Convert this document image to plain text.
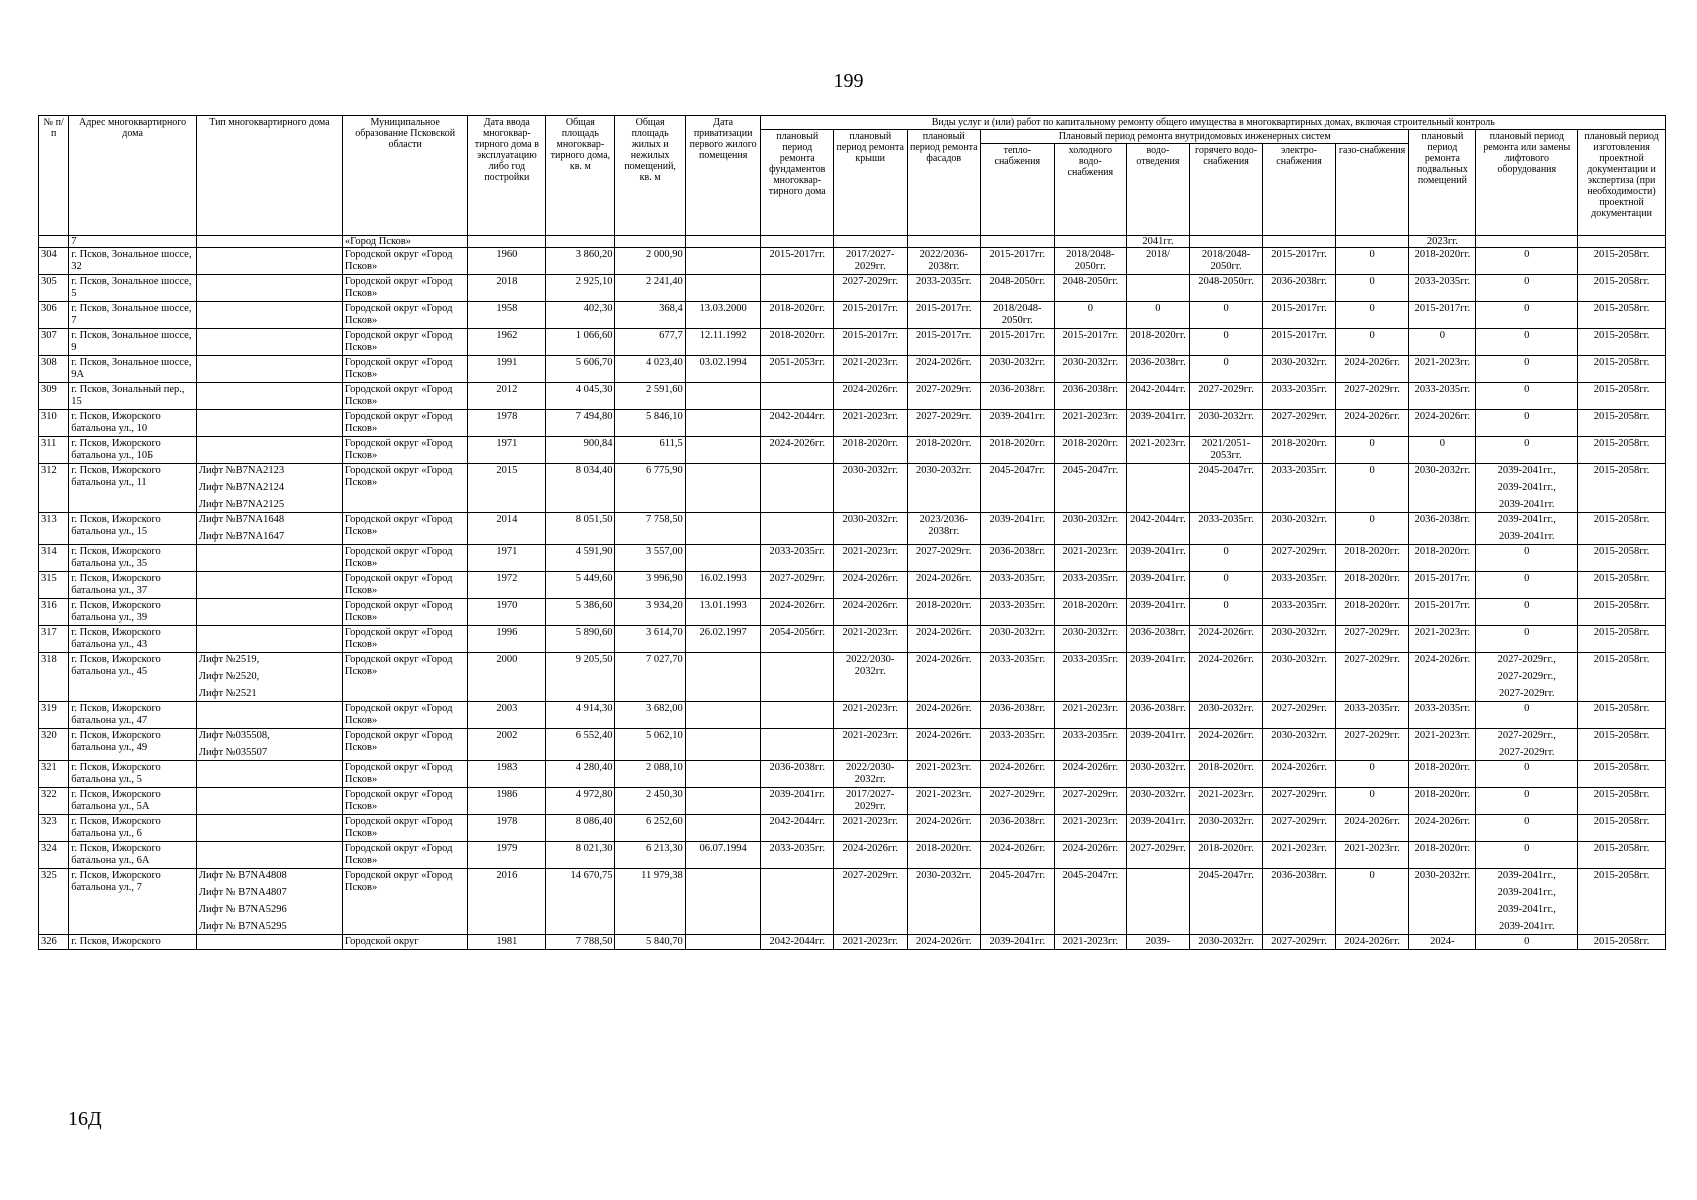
199
№ п/п	Адрес многоквартирного дома	Тип многоквартирного дома	Муниципальное образование Псковской области	Дата ввода многоквар-тирного дома в эксплуатацию либо год постройки	Общая площадь многоквар-тирного дома, кв. м	Общая площадь жилых и нежилых помещений, кв. м	Дата приватизации первого жилого помещения	Виды услуг и (или) работ по капитальному ремонту общего имущества в многоквартирных домах, включая строительный контроль											
								плановый период ремонта фундаментов многоквар-тирного дома	плановый период ремонта крыши	плановый период ремонта фасадов	Плановый период ремонта внутридомовых инженерных систем						плановый период ремонта подвальных помещений	плановый период ремонта или замены лифтового оборудования	плановый период изготовления проектной документации и экспертиза (при необходимости) проектной документации
											тепло-снабжения	холодного водо-снабжения	водо-отведения	горячего водо-снабжения	электро-снабжения	газо-снабжения			
	7		«Город Псков»										2041гг.				2023гг.		
304	г. Псков, Зональное шоссе, 32		Городской округ «Город Псков»	1960	3 860,20	2 000,90		2015-2017гг.	2017/2027-2029гг.	2022/2036-2038гг.	2015-2017гг.	2018/2048-2050гг.	2018/	2018/2048-2050гг.	2015-2017гг.	0	2018-2020гг.	0	2015-2058гг.
305	г. Псков, Зональное шоссе, 5		Городской округ «Город Псков»	2018	2 925,10	2 241,40			2027-2029гг.	2033-2035гг.	2048-2050гг.	2048-2050гг.		2048-2050гг.	2036-2038гг.	0	2033-2035гг.	0	2015-2058гг.
306	г. Псков, Зональное шоссе, 7		Городской округ «Город Псков»	1958	402,30	368,4	13.03.2000	2018-2020гг.	2015-2017гг.	2015-2017гг.	2018/2048-2050гг.	0	0	0	2015-2017гг.	0	2015-2017гг.	0	2015-2058гг.
307	г. Псков, Зональное шоссе, 9		Городской округ «Город Псков»	1962	1 066,60	677,7	12.11.1992	2018-2020гг.	2015-2017гг.	2015-2017гг.	2015-2017гг.	2015-2017гг.	2018-2020гг.	0	2015-2017гг.	0	0	0	2015-2058гг.
308	г. Псков, Зональное шоссе, 9А		Городской округ «Город Псков»	1991	5 606,70	4 023,40	03.02.1994	2051-2053гг.	2021-2023гг.	2024-2026гг.	2030-2032гг.	2030-2032гг.	2036-2038гг.	0	2030-2032гг.	2024-2026гг.	2021-2023гг.	0	2015-2058гг.
309	г. Псков, Зональный пер., 15		Городской округ «Город Псков»	2012	4 045,30	2 591,60			2024-2026гг.	2027-2029гг.	2036-2038гг.	2036-2038гг.	2042-2044гг.	2027-2029гг.	2033-2035гг.	2027-2029гг.	2033-2035гг.	0	2015-2058гг.
310	г. Псков, Ижорского батальона ул., 10		Городской округ «Город Псков»	1978	7 494,80	5 846,10		2042-2044гг.	2021-2023гг.	2027-2029гг.	2039-2041гг.	2021-2023гг.	2039-2041гг.	2030-2032гг.	2027-2029гг.	2024-2026гг.	2024-2026гг.	0	2015-2058гг.
311	г. Псков, Ижорского батальона ул., 10Б		Городской округ «Город Псков»	1971	900,84	611,5		2024-2026гг.	2018-2020гг.	2018-2020гг.	2018-2020гг.	2018-2020гг.	2021-2023гг.	2021/2051-2053гг.	2018-2020гг.	0	0	0	2015-2058гг.
312	г. Псков, Ижорского батальона ул., 11	Лифт №B7NA2123
Лифт №B7NA2124
Лифт №B7NA2125	Городской округ «Город Псков»	2015	8 034,40	6 775,90			2030-2032гг.	2030-2032гг.	2045-2047гг.	2045-2047гг.		2045-2047гг.	2033-2035гг.	0	2030-2032гг.	2039-2041гг.,
2039-2041гг.,
2039-2041гг.	2015-2058гг.
313	г. Псков, Ижорского батальона ул., 15	Лифт №B7NA1648
Лифт №B7NA1647	Городской округ «Город Псков»	2014	8 051,50	7 758,50			2030-2032гг.	2023/2036-2038гг.	2039-2041гг.	2030-2032гг.	2042-2044гг.	2033-2035гг.	2030-2032гг.	0	2036-2038гг.	2039-2041гг.,
2039-2041гг.	2015-2058гг.
314	г. Псков, Ижорского батальона ул., 35		Городской округ «Город Псков»	1971	4 591,90	3 557,00		2033-2035гг.	2021-2023гг.	2027-2029гг.	2036-2038гг.	2021-2023гг.	2039-2041гг.	0	2027-2029гг.	2018-2020гг.	2018-2020гг.	0	2015-2058гг.
315	г. Псков, Ижорского батальона ул., 37		Городской округ «Город Псков»	1972	5 449,60	3 996,90	16.02.1993	2027-2029гг.	2024-2026гг.	2024-2026гг.	2033-2035гг.	2033-2035гг.	2039-2041гг.	0	2033-2035гг.	2018-2020гг.	2015-2017гг.	0	2015-2058гг.
316	г. Псков, Ижорского батальона ул., 39		Городской округ «Город Псков»	1970	5 386,60	3 934,20	13.01.1993	2024-2026гг.	2024-2026гг.	2018-2020гг.	2033-2035гг.	2018-2020гг.	2039-2041гг.	0	2033-2035гг.	2018-2020гг.	2015-2017гг.	0	2015-2058гг.
317	г. Псков, Ижорского батальона ул., 43		Городской округ «Город Псков»	1996	5 890,60	3 614,70	26.02.1997	2054-2056гг.	2021-2023гг.	2024-2026гг.	2030-2032гг.	2030-2032гг.	2036-2038гг.	2024-2026гг.	2030-2032гг.	2027-2029гг.	2021-2023гг.	0	2015-2058гг.
318	г. Псков, Ижорского батальона ул., 45	Лифт №2519,
Лифт №2520,
Лифт №2521	Городской округ «Город Псков»	2000	9 205,50	7 027,70			2022/2030-2032гг.	2024-2026гг.	2033-2035гг.	2033-2035гг.	2039-2041гг.	2024-2026гг.	2030-2032гг.	2027-2029гг.	2024-2026гг.	2027-2029гг.,
2027-2029гг.,
2027-2029гг.	2015-2058гг.
319	г. Псков, Ижорского батальона ул., 47		Городской округ «Город Псков»	2003	4 914,30	3 682,00			2021-2023гг.	2024-2026гг.	2036-2038гг.	2021-2023гг.	2036-2038гг.	2030-2032гг.	2027-2029гг.	2033-2035гг.	2033-2035гг.	0	2015-2058гг.
320	г. Псков, Ижорского батальона ул., 49	Лифт №035508,
Лифт №035507	Городской округ «Город Псков»	2002	6 552,40	5 062,10			2021-2023гг.	2024-2026гг.	2033-2035гг.	2033-2035гг.	2039-2041гг.	2024-2026гг.	2030-2032гг.	2027-2029гг.	2021-2023гг.	2027-2029гг.,
2027-2029гг.	2015-2058гг.
321	г. Псков, Ижорского батальона ул., 5		Городской округ «Город Псков»	1983	4 280,40	2 088,10		2036-2038гг.	2022/2030-2032гг.	2021-2023гг.	2024-2026гг.	2024-2026гг.	2030-2032гг.	2018-2020гг.	2024-2026гг.	0	2018-2020гг.	0	2015-2058гг.
322	г. Псков, Ижорского батальона ул., 5А		Городской округ «Город Псков»	1986	4 972,80	2 450,30		2039-2041гг.	2017/2027-2029гг.	2021-2023гг.	2027-2029гг.	2027-2029гг.	2030-2032гг.	2021-2023гг.	2027-2029гг.	0	2018-2020гг.	0	2015-2058гг.
323	г. Псков, Ижорского батальона ул., 6		Городской округ «Город Псков»	1978	8 086,40	6 252,60		2042-2044гг.	2021-2023гг.	2024-2026гг.	2036-2038гг.	2021-2023гг.	2039-2041гг.	2030-2032гг.	2027-2029гг.	2024-2026гг.	2024-2026гг.	0	2015-2058гг.
324	г. Псков, Ижорского батальона ул., 6А		Городской округ «Город Псков»	1979	8 021,30	6 213,30	06.07.1994	2033-2035гг.	2024-2026гг.	2018-2020гг.	2024-2026гг.	2024-2026гг.	2027-2029гг.	2018-2020гг.	2021-2023гг.	2021-2023гг.	2018-2020гг.	0	2015-2058гг.
325	г. Псков, Ижорского батальона ул., 7	Лифт № B7NA4808
Лифт № B7NA4807
Лифт № B7NA5296
Лифт № B7NA5295	Городской округ «Город Псков»	2016	14 670,75	11 979,38			2027-2029гг.	2030-2032гг.	2045-2047гг.	2045-2047гг.		2045-2047гг.	2036-2038гг.	0	2030-2032гг.	2039-2041гг.,
2039-2041гг.,
2039-2041гг.,
2039-2041гг.	2015-2058гг.
326	г. Псков, Ижорского		Городской округ	1981	7 788,50	5 840,70		2042-2044гг.	2021-2023гг.	2024-2026гг.	2039-2041гг.	2021-2023гг.	2039-	2030-2032гг.	2027-2029гг.	2024-2026гг.	2024-	0	2015-2058гг.
16Д
